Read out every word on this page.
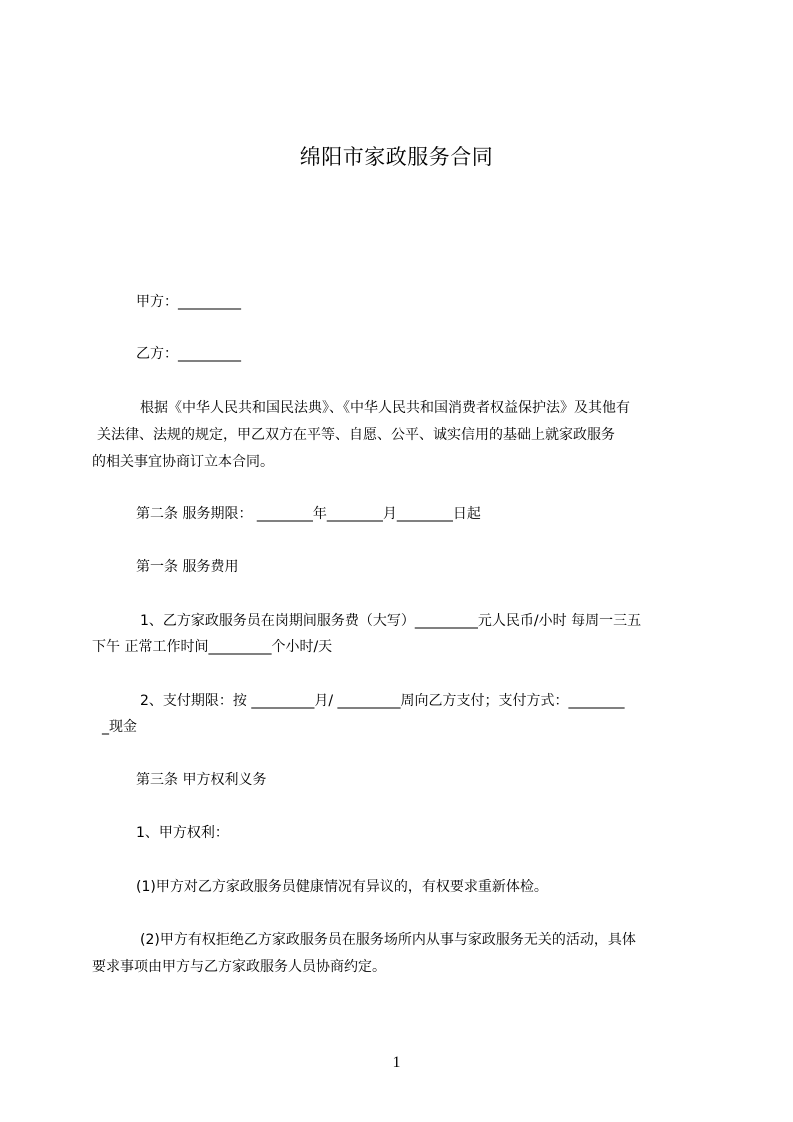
绵阳市家政服务合同
甲方：_________
乙方：_________
根据《中华人民共和国民法典》、《中华人民共和国消费者权益保护法》及其他有
关法律、法规的规定，甲乙双方在平等、自愿、公平、诚实信用的基础上就家政服务
的相关事宜协商订立本合同。
第二条 服务期限： ________年________月________日起
第一条 服务费用
1、乙方家政服务员在岗期间服务费（大写）_________元人民币/小时 每周一三五
下午 正常工作时间_________个小时/天
2、支付期限：按 _________月/ _________周向乙方支付；支付方式：________
_现金
第三条 甲方权利义务
1、甲方权利：
(1)甲方对乙方家政服务员健康情况有异议的，有权要求重新体检。
(2)甲方有权拒绝乙方家政服务员在服务场所内从事与家政服务无关的活动，具体
要求事项由甲方与乙方家政服务人员协商约定。
1
